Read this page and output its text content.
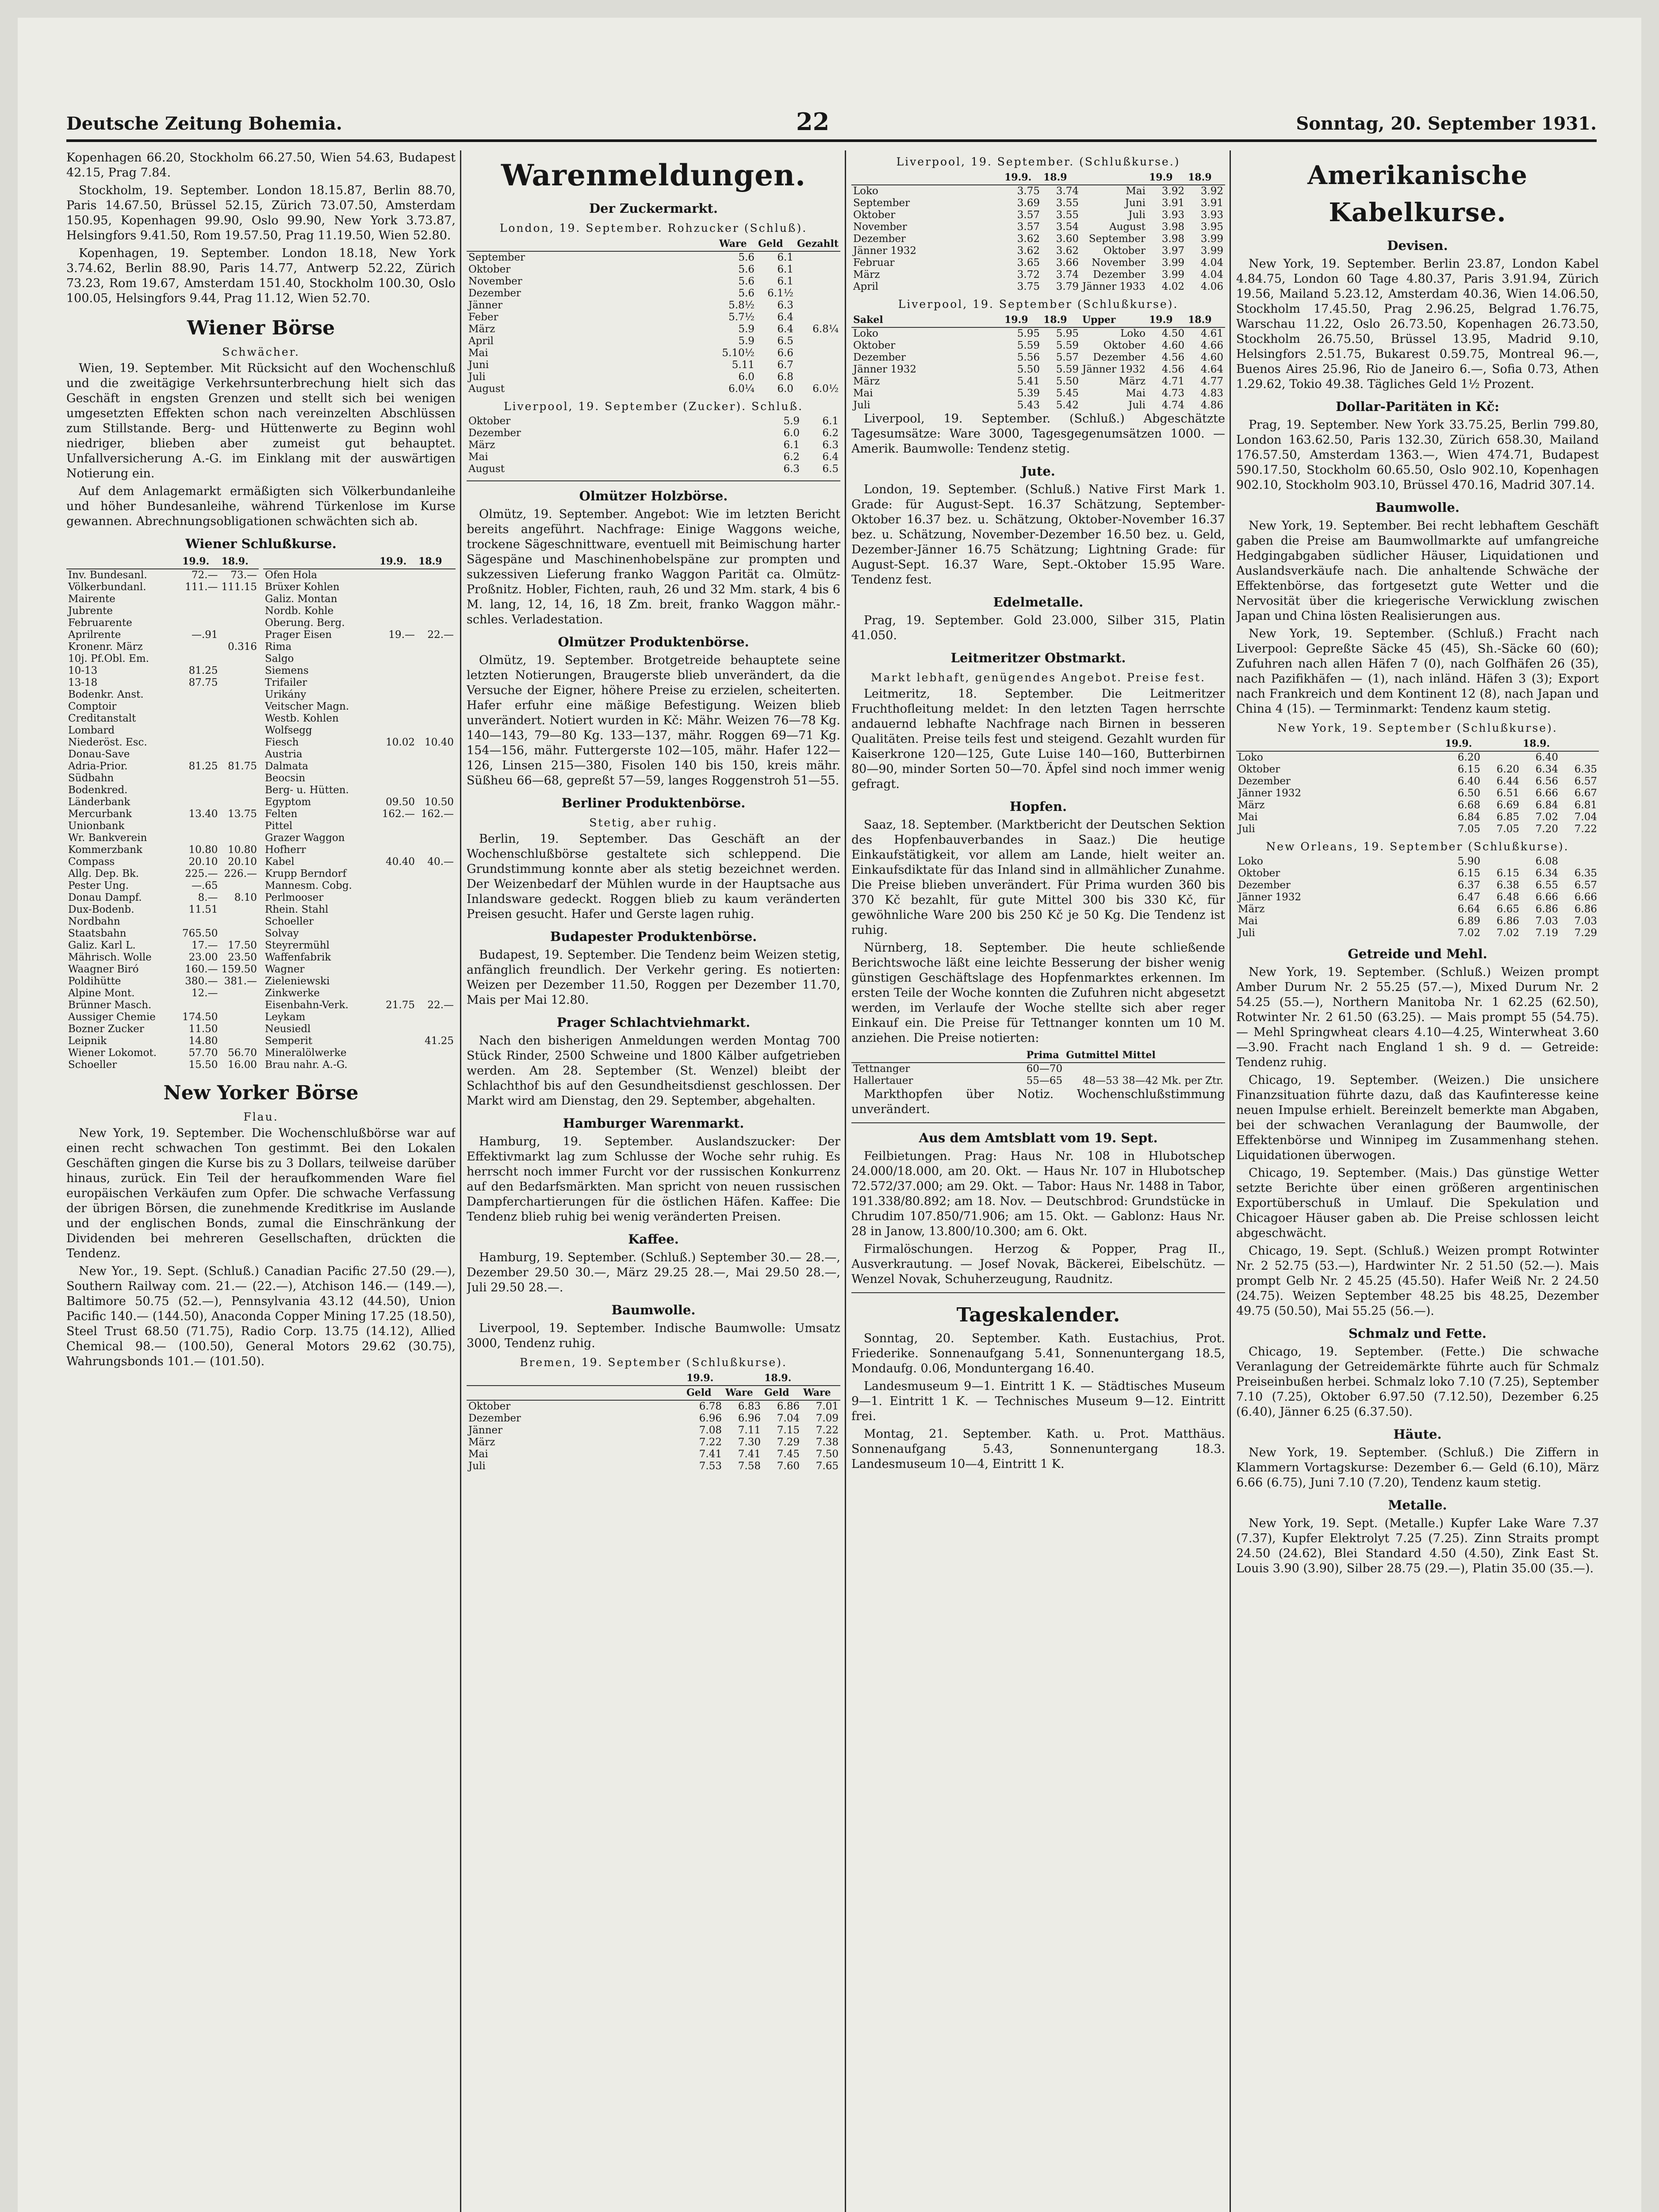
Deutsche Zeitung Bohemia.	22	Sonntag, 20. September 1931.

Kopenhagen 66.20, Stockholm 66.27.50, Wien 54.63, Budapest 42.15, Prag 7.84.

Stockholm, 19. September. London 18.15.87, Berlin 88.70, Paris 14.67.50, Brüssel 52.15, Zürich 73.07.50, Amsterdam 150.95, Kopenhagen 99.90, Oslo 99.90, New York 3.73.87, Helsingfors 9.41.50, Rom 19.57.50, Prag 11.19.50, Wien 52.80.

Kopenhagen, 19. September. London 18.18, New York 3.74.62, Berlin 88.90, Paris 14.77, Antwerp 52.22, Zürich 73.23, Rom 19.67, Amsterdam 151.40, Stockholm 100.30, Oslo 100.05, Helsingfors 9.44, Prag 11.12, Wien 52.70.

Wiener Börse
Schwächer.

Wien, 19. September. Mit Rücksicht auf den Wochenschluß und die zweitägige Verkehrsunterbrechung hielt sich das Geschäft in engsten Grenzen und stellt sich bei wenigen umgesetzten Effekten schon nach vereinzelten Abschlüssen zum Stillstande. Berg- und Hüttenwerte zu Beginn wohl niedriger, blieben aber zumeist gut behauptet. Unfallversicherung A.-G. im Einklang mit der auswärtigen Notierung ein.

Auf dem Anlagemarkt ermäßigten sich Völkerbundanleihe und höher Bundesanleihe, während Türkenlose im Kurse gewannen. Abrechnungsobligationen schwächten sich ab.

Wiener Schlußkurse.
	19.9.	18.9.
Inv. Bundesanl.	72.—	73.—
Völkerbundanl.	111.—	111.15
Mairente		
Jubrente		
Februarente		
Aprilrente	—.91	
Kronenr. März		0.316
10j. Pf.Obl. Em.		
10-13	81.25	
13-18	87.75	
Bodenkr. Anst.		
Comptoir		
Creditanstalt		
Lombard		
Niederöst. Esc.		
Donau-Save		
Adria-Prior.	81.25	81.75
Südbahn		
Bodenkred.		
Länderbank		
Mercurbank	13.40	13.75
Unionbank		
Wr. Bankverein		
Kommerzbank	10.80	10.80
Compass	20.10	20.10
Allg. Dep. Bk.	225.—	226.—
Pester Ung.	—.65	
Donau Dampf.	8.—	8.10
Dux-Bodenb.	11.51	
Nordbahn		
Staatsbahn	765.50	
Galiz. Karl L.	17.—	17.50
Mährisch. Wolle	23.00	23.50
Waagner Biró	160.—	159.50
Poldihütte	380.—	381.—
Alpine Mont.	12.—	
Brünner Masch.		
Aussiger Chemie	174.50	
Bozner Zucker	11.50	
Leipnik	14.80	
Wiener Lokomot.	57.70	56.70
Schoeller	15.50	16.00
	19.9.	18.9
Ofen Hola		
Brüxer Kohlen		
Galiz. Montan		
Nordb. Kohle		
Oberung. Berg.		
Prager Eisen	19.—	22.—
Rima		
Salgo		
Siemens		
Trifailer		
Urikány		
Veitscher Magn.		
Westb. Kohlen		
Wolfsegg		
Fiesch	10.02	10.40
Austria		
Dalmata		
Beocsin		
Berg- u. Hütten.		
Egyptom	09.50	10.50
Felten	162.—	162.—
Pittel		
Grazer Waggon		
Hofherr		
Kabel	40.40	40.—
Krupp Berndorf		
Mannesm. Cobg.		
Perlmooser		
Rhein. Stahl		
Schoeller		
Solvay		
Steyrermühl		
Waffenfabrik		
Wagner		
Zieleniewski		
Zinkwerke		
Eisenbahn-Verk.	21.75	22.—
Leykam		
Neusiedl		
Semperit		41.25
Mineralölwerke		
Brau nahr. A.-G.		
New Yorker Börse
Flau.

New York, 19. September. Die Wochenschlußbörse war auf einen recht schwachen Ton gestimmt. Bei den Lokalen Geschäften gingen die Kurse bis zu 3 Dollars, teilweise darüber hinaus, zurück. Ein Teil der heraufkommenden Ware fiel europäischen Verkäufen zum Opfer. Die schwache Verfassung der übrigen Börsen, die zunehmende Kreditkrise im Auslande und der englischen Bonds, zumal die Einschränkung der Dividenden bei mehreren Gesellschaften, drückten die Tendenz.

New Yor., 19. Sept. (Schluß.) Canadian Pacific 27.50 (29.—), Southern Railway com. 21.— (22.—), Atchison 146.— (149.—), Baltimore 50.75 (52.—), Pennsylvania 43.12 (44.50), Union Pacific 140.— (144.50), Anaconda Copper Mining 17.25 (18.50), Steel Trust 68.50 (71.75), Radio Corp. 13.75 (14.12), Allied Chemical 98.— (100.50), General Motors 29.62 (30.75), Wahrungsbonds 101.— (101.50).

Warenmeldungen.
Der Zuckermarkt.
London, 19. September. Rohzucker (Schluß).
	Ware	Geld	Gezahlt
September	5.6	6.1	
Oktober	5.6	6.1	
November	5.6	6.1	
Dezember	5.6	6.1½	
Jänner	5.8½	6.3	
Feber	5.7½	6.4	
März	5.9	6.4	6.8¼
April	5.9	6.5	
Mai	5.10½	6.6	
Juni	5.11	6.7	
Juli	6.0	6.8	
August	6.0¼	6.0	6.0½
Liverpool, 19. September (Zucker). Schluß.
Oktober	5.9	6.1
Dezember	6.0	6.2
März	6.1	6.3
Mai	6.2	6.4
August	6.3	6.5
Olmützer Holzbörse.

Olmütz, 19. September. Angebot: Wie im letzten Bericht bereits angeführt. Nachfrage: Einige Waggons weiche, trockene Sägeschnittware, eventuell mit Beimischung harter Sägespäne und Maschinenhobelspäne zur prompten und sukzessiven Lieferung franko Waggon Parität ca. Olmütz-Proßnitz. Hobler, Fichten, rauh, 26 und 32 Mm. stark, 4 bis 6 M. lang, 12, 14, 16, 18 Zm. breit, franko Waggon mähr.-schles. Verladestation.

Olmützer Produktenbörse.

Olmütz, 19. September. Brotgetreide behauptete seine letzten Notierungen, Braugerste blieb unverändert, da die Versuche der Eigner, höhere Preise zu erzielen, scheiterten. Hafer erfuhr eine mäßige Befestigung. Weizen blieb unverändert. Notiert wurden in Kč: Mähr. Weizen 76—78 Kg. 140—143, 79—80 Kg. 133—137, mähr. Roggen 69—71 Kg. 154—156, mähr. Futtergerste 102—105, mähr. Hafer 122—126, Linsen 215—380, Fisolen 140 bis 150, kreis mähr. Süßheu 66—68, gepreßt 57—59, langes Roggenstroh 51—55.

Berliner Produktenbörse.
Stetig, aber ruhig.

Berlin, 19. September. Das Geschäft an der Wochenschlußbörse gestaltete sich schleppend. Die Grundstimmung konnte aber als stetig bezeichnet werden. Der Weizenbedarf der Mühlen wurde in der Hauptsache aus Inlandsware gedeckt. Roggen blieb zu kaum veränderten Preisen gesucht. Hafer und Gerste lagen ruhig.

Budapester Produktenbörse.

Budapest, 19. September. Die Tendenz beim Weizen stetig, anfänglich freundlich. Der Verkehr gering. Es notierten: Weizen per Dezember 11.50, Roggen per Dezember 11.70, Mais per Mai 12.80.

Prager Schlachtviehmarkt.

Nach den bisherigen Anmeldungen werden Montag 700 Stück Rinder, 2500 Schweine und 1800 Kälber aufgetrieben werden. Am 28. September (St. Wenzel) bleibt der Schlachthof bis auf den Gesundheitsdienst geschlossen. Der Markt wird am Dienstag, den 29. September, abgehalten.

Hamburger Warenmarkt.

Hamburg, 19. September. Auslandszucker: Der Effektivmarkt lag zum Schlusse der Woche sehr ruhig. Es herrscht noch immer Furcht vor der russischen Konkurrenz auf den Bedarfsmärkten. Man spricht von neuen russischen Dampferchartierungen für die östlichen Häfen. Kaffee: Die Tendenz blieb ruhig bei wenig veränderten Preisen.

Kaffee.

Hamburg, 19. September. (Schluß.) September 30.— 28.—, Dezember 29.50 30.—, März 29.25 28.—, Mai 29.50 28.—, Juli 29.50 28.—.

Baumwolle.

Liverpool, 19. September. Indische Baumwolle: Umsatz 3000, Tendenz ruhig.

Bremen, 19. September (Schlußkurse).
	19.9.		18.9.	
	Geld	Ware	Geld	Ware
Oktober	6.78	6.83	6.86	7.01
Dezember	6.96	6.96	7.04	7.09
Jänner	7.08	7.11	7.15	7.22
März	7.22	7.30	7.29	7.38
Mai	7.41	7.41	7.45	7.50
Juli	7.53	7.58	7.60	7.65
Liverpool, 19. September. (Schlußkurse.)
	19.9.	18.9		19.9	18.9
Loko	3.75	3.74	Mai	3.92	3.92
September	3.69	3.55	Juni	3.91	3.91
Oktober	3.57	3.55	Juli	3.93	3.93
November	3.57	3.54	August	3.98	3.95
Dezember	3.62	3.60	September	3.98	3.99
Jänner 1932	3.62	3.62	Oktober	3.97	3.99
Februar	3.65	3.66	November	3.99	4.04
März	3.72	3.74	Dezember	3.99	4.04
April	3.75	3.79	Jänner 1933	4.02	4.06
Liverpool, 19. September (Schlußkurse).
Sakel	19.9	18.9	Upper	19.9	18.9
Loko	5.95	5.95	Loko	4.50	4.61
Oktober	5.59	5.59	Oktober	4.60	4.66
Dezember	5.56	5.57	Dezember	4.56	4.60
Jänner 1932	5.50	5.59	Jänner 1932	4.56	4.64
März	5.41	5.50	März	4.71	4.77
Mai	5.39	5.45	Mai	4.73	4.83
Juli	5.43	5.42	Juli	4.74	4.86

Liverpool, 19. September. (Schluß.) Abgeschätzte Tagesumsätze: Ware 3000, Tagesgegenumsätzen 1000. — Amerik. Baumwolle: Tendenz stetig.

Jute.

London, 19. September. (Schluß.) Native First Mark 1. Grade: für August-Sept. 16.37 Schätzung, September-Oktober 16.37 bez. u. Schätzung, Oktober-November 16.37 bez. u. Schätzung, November-Dezember 16.50 bez. u. Geld, Dezember-Jänner 16.75 Schätzung; Lightning Grade: für August-Sept. 16.37 Ware, Sept.-Oktober 15.95 Ware. Tendenz fest.

Edelmetalle.

Prag, 19. September. Gold 23.000, Silber 315, Platin 41.050.

Leitmeritzer Obstmarkt.
Markt lebhaft, genügendes Angebot. Preise fest.

Leitmeritz, 18. September. Die Leitmeritzer Fruchthofleitung meldet: In den letzten Tagen herrschte andauernd lebhafte Nachfrage nach Birnen in besseren Qualitäten. Preise teils fest und steigend. Gezahlt wurden für Kaiserkrone 120—125, Gute Luise 140—160, Butterbirnen 80—90, minder Sorten 50—70. Äpfel sind noch immer wenig gefragt.

Hopfen.

Saaz, 18. September. (Marktbericht der Deutschen Sektion des Hopfenbauverbandes in Saaz.) Die heutige Einkaufstätigkeit, vor allem am Lande, hielt weiter an. Einkaufsdiktate für das Inland sind in allmählicher Zunahme. Die Preise blieben unverändert. Für Prima wurden 360 bis 370 Kč bezahlt, für gute Mittel 300 bis 330 Kč, für gewöhnliche Ware 200 bis 250 Kč je 50 Kg. Die Tendenz ist ruhig.

Nürnberg, 18. September. Die heute schließende Berichtswoche läßt eine leichte Besserung der bisher wenig günstigen Geschäftslage des Hopfenmarktes erkennen. Im ersten Teile der Woche konnten die Zufuhren nicht abgesetzt werden, im Verlaufe der Woche stellte sich aber reger Einkauf ein. Die Preise für Tettnanger konnten um 10 M. anziehen. Die Preise notierten:

	Prima	Gutmittel	Mittel
Tettnanger	60—70		
Hallertauer	55—65	48—53	38—42 Mk. per Ztr.

Markthopfen über Notiz. Wochenschlußstimmung unverändert.

Aus dem Amtsblatt vom 19. Sept.

Feilbietungen. Prag: Haus Nr. 108 in Hlubotschep 24.000/18.000, am 20. Okt. — Haus Nr. 107 in Hlubotschep 72.572/37.000; am 29. Okt. — Tabor: Haus Nr. 1488 in Tabor, 191.338/80.892; am 18. Nov. — Deutschbrod: Grundstücke in Chrudim 107.850/71.906; am 15. Okt. — Gablonz: Haus Nr. 28 in Janow, 13.800/10.300; am 6. Okt.

Firmalöschungen. Herzog & Popper, Prag II., Ausverkrautung. — Josef Novak, Bäckerei, Eibelschütz. — Wenzel Novak, Schuherzeugung, Raudnitz.

Tageskalender.

Sonntag, 20. September. Kath. Eustachius, Prot. Friederike. Sonnenaufgang 5.41, Sonnenuntergang 18.5, Mondaufg. 0.06, Monduntergang 16.40.

Landesmuseum 9—1. Eintritt 1 K. — Städtisches Museum 9—1. Eintritt 1 K. — Technisches Museum 9—12. Eintritt frei.

Montag, 21. September. Kath. u. Prot. Matthäus. Sonnenaufgang 5.43, Sonnenuntergang 18.3. Landesmuseum 10—4, Eintritt 1 K.

Amerikanische Kabelkurse.
Devisen.

New York, 19. September. Berlin 23.87, London Kabel 4.84.75, London 60 Tage 4.80.37, Paris 3.91.94, Zürich 19.56, Mailand 5.23.12, Amsterdam 40.36, Wien 14.06.50, Stockholm 17.45.50, Prag 2.96.25, Belgrad 1.76.75, Warschau 11.22, Oslo 26.73.50, Kopenhagen 26.73.50, Stockholm 26.75.50, Brüssel 13.95, Madrid 9.10, Helsingfors 2.51.75, Bukarest 0.59.75, Montreal 96.—, Buenos Aires 25.96, Rio de Janeiro 6.—, Sofia 0.73, Athen 1.29.62, Tokio 49.38. Tägliches Geld 1½ Prozent.

Dollar-Paritäten in Kč:

Prag, 19. September. New York 33.75.25, Berlin 799.80, London 163.62.50, Paris 132.30, Zürich 658.30, Mailand 176.57.50, Amsterdam 1363.—, Wien 474.71, Budapest 590.17.50, Stockholm 60.65.50, Oslo 902.10, Kopenhagen 902.10, Stockholm 903.10, Brüssel 470.16, Madrid 307.14.

Baumwolle.

New York, 19. September. Bei recht lebhaftem Geschäft gaben die Preise am Baumwollmarkte auf umfangreiche Hedgingabgaben südlicher Häuser, Liquidationen und Auslandsverkäufe nach. Die anhaltende Schwäche der Effektenbörse, das fortgesetzt gute Wetter und die Nervosität über die kriegerische Verwicklung zwischen Japan und China lösten Realisierungen aus.

New York, 19. September. (Schluß.) Fracht nach Liverpool: Gepreßte Säcke 45 (45), Sh.-Säcke 60 (60); Zufuhren nach allen Häfen 7 (0), nach Golfhäfen 26 (35), nach Pazifikhäfen — (1), nach inländ. Häfen 3 (3); Export nach Frankreich und dem Kontinent 12 (8), nach Japan und China 4 (15). — Terminmarkt: Tendenz kaum stetig.

New York, 19. September (Schlußkurse).
	19.9.		18.9.	
Loko	6.20		6.40	
Oktober	6.15	6.20	6.34	6.35
Dezember	6.40	6.44	6.56	6.57
Jänner 1932	6.50	6.51	6.66	6.67
März	6.68	6.69	6.84	6.81
Mai	6.84	6.85	7.02	7.04
Juli	7.05	7.05	7.20	7.22
New Orleans, 19. September (Schlußkurse).
Loko	5.90		6.08	
Oktober	6.15	6.15	6.34	6.35
Dezember	6.37	6.38	6.55	6.57
Jänner 1932	6.47	6.48	6.66	6.66
März	6.64	6.65	6.86	6.86
Mai	6.89	6.86	7.03	7.03
Juli	7.02	7.02	7.19	7.29
Getreide und Mehl.

New York, 19. September. (Schluß.) Weizen prompt Amber Durum Nr. 2 55.25 (57.—), Mixed Durum Nr. 2 54.25 (55.—), Northern Manitoba Nr. 1 62.25 (62.50), Rotwinter Nr. 2 61.50 (63.25). — Mais prompt 55 (54.75). — Mehl Springwheat clears 4.10—4.25, Winterwheat 3.60—3.90. Fracht nach England 1 sh. 9 d. — Getreide: Tendenz ruhig.

Chicago, 19. September. (Weizen.) Die unsichere Finanzsituation führte dazu, daß das Kaufinteresse keine neuen Impulse erhielt. Bereinzelt bemerkte man Abgaben, bei der schwachen Veranlagung der Baumwolle, der Effektenbörse und Winnipeg im Zusammenhang stehen. Liquidationen überwogen.

Chicago, 19. September. (Mais.) Das günstige Wetter setzte Berichte über einen größeren argentinischen Exportüberschuß in Umlauf. Die Spekulation und Chicagoer Häuser gaben ab. Die Preise schlossen leicht abgeschwächt.

Chicago, 19. Sept. (Schluß.) Weizen prompt Rotwinter Nr. 2 52.75 (53.—), Hardwinter Nr. 2 51.50 (52.—). Mais prompt Gelb Nr. 2 45.25 (45.50). Hafer Weiß Nr. 2 24.50 (24.75). Weizen September 48.25 bis 48.25, Dezember 49.75 (50.50), Mai 55.25 (56.—).

Schmalz und Fette.

Chicago, 19. September. (Fette.) Die schwache Veranlagung der Getreidemärkte führte auch für Schmalz Preiseinbußen herbei. Schmalz loko 7.10 (7.25), September 7.10 (7.25), Oktober 6.97.50 (7.12.50), Dezember 6.25 (6.40), Jänner 6.25 (6.37.50).

Häute.

New York, 19. September. (Schluß.) Die Ziffern in Klammern Vortagskurse: Dezember 6.— Geld (6.10), März 6.66 (6.75), Juni 7.10 (7.20), Tendenz kaum stetig.

Metalle.

New York, 19. Sept. (Metalle.) Kupfer Lake Ware 7.37 (7.37), Kupfer Elektrolyt 7.25 (7.25). Zinn Straits prompt 24.50 (24.62), Blei Standard 4.50 (4.50), Zink East St. Louis 3.90 (3.90), Silber 28.75 (29.—), Platin 35.00 (35.—).
